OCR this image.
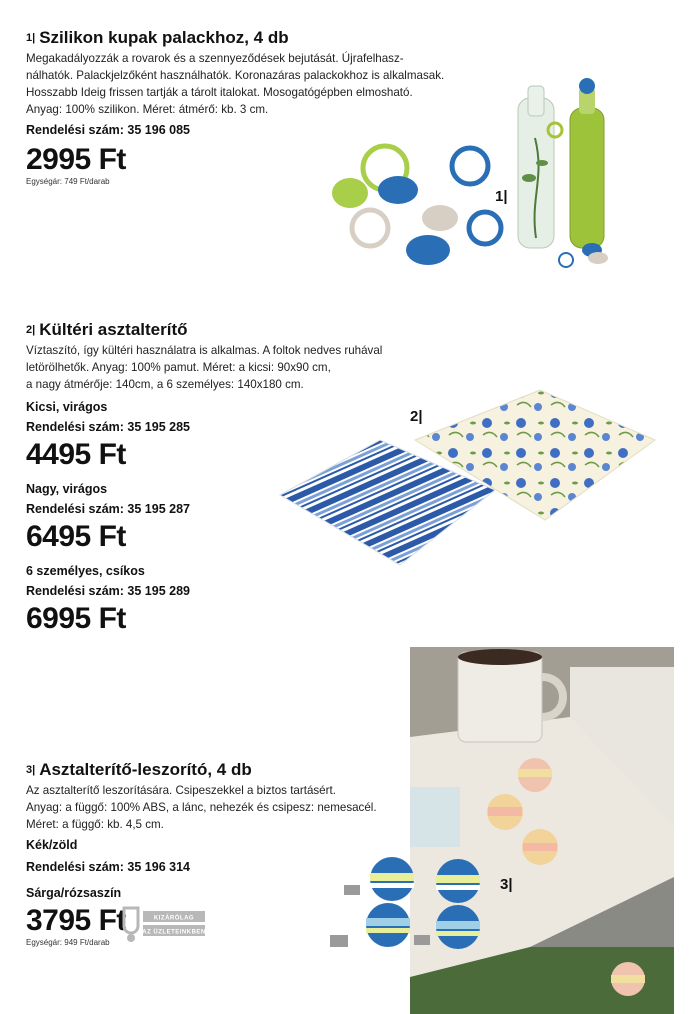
1| Szilikon kupak palackhoz, 4 db

Megakadályozzák a rovarok és a szennyeződések bejutását. Újrafelhasz-
nálhatók. Palackjelzőként használhatók. Koronazáras palackokhoz is alkalmasak.
Hosszabb Ideig frissen tartják a tárolt italokat. Mosogatógépben elmosható.
Anyag: 100% szilikon. Méret: átmérő: kb. 3 cm.

Rendelési szám: 35 196 085

2995 Ft

Egységár: 749 Ft/darab

1|

2| Kültéri asztalterítő

Víztaszító, így kültéri használatra is alkalmas. A foltok nedves ruhával
letörölhetők. Anyag: 100% pamut. Méret: a kicsi: 90x90 cm,
a nagy átmérője: 140cm, a 6 személyes: 140x180 cm.

Kicsi, virágos

Rendelési szám: 35 195 285

4495 Ft

Nagy, virágos

Rendelési szám: 35 195 287

6495 Ft

6 személyes, csíkos

Rendelési szám: 35 195 289

6995 Ft

2|

3| Asztalterítő-leszorító, 4 db

Az asztalterítő leszorítására. Csipeszekkel a biztos tartásért.
Anyag: a függő: 100% ABS, a lánc, nehezék és csipesz: nemesacél.
Méret: a függő: kb. 4,5 cm.

Kék/zöld

Rendelési szám: 35 196 314

Sárga/rózsaszín

3795 Ft

Egységár: 949 Ft/darab

KIZÁRÓLAG
AZ ÜZLETEINKBEN
3|
